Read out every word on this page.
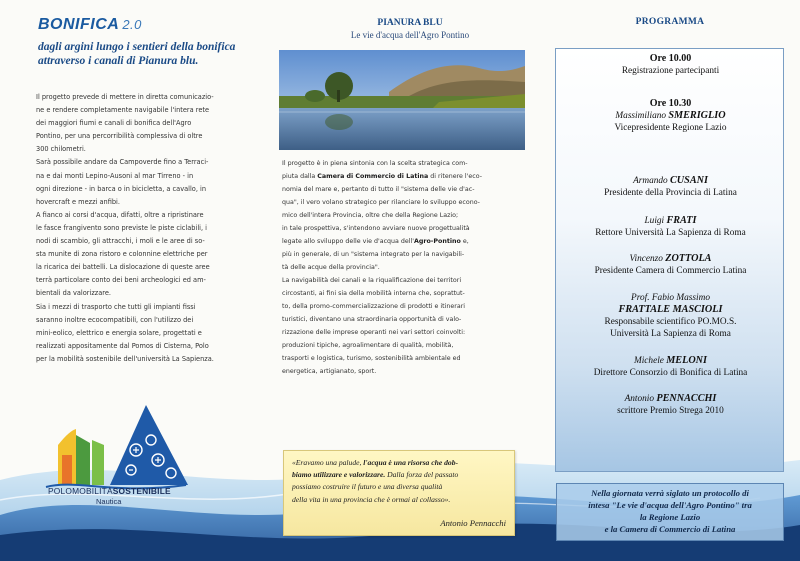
BONIFICA 2.0
dagli argini lungo i sentieri della bonifica
attraverso i canali di Pianura blu.

Il progetto prevede di mettere in diretta comunicazio-

ne e rendere completamente navigabile l'intera rete

dei maggiori fiumi e canali di bonifica dell'Agro

Pontino, per una percorribilità complessiva di oltre

300 chilometri.

Sarà possibile andare da Campoverde fino a Terraci-

na e dai monti Lepino-Ausoni al mar Tirreno - in

ogni direzione - in barca o in bicicletta, a cavallo, in

hovercraft e mezzi anfibi.

A fianco ai corsi d'acqua, difatti, oltre a ripristinare

le fasce frangivento sono previste le piste ciclabili, i

nodi di scambio, gli attracchi, i moli e le aree di so-

sta munite di zona ristoro e colonnine elettriche per

la ricarica dei battelli. La dislocazione di queste aree

terrà particolare conto dei beni archeologici ed am-

bientali da valorizzare.

Sia i mezzi di trasporto che tutti gli impianti fissi

saranno inoltre ecocompatibili, con l'utilizzo dei

mini-eolico, elettrico e energia solare, progettati e

realizzati appositamente dal Pomos di Cisterna, Polo

per la mobilità sostenibile dell'università La Sapienza.

POLOMOBILITÀSOSTENIBILE
Nautica
PIANURA BLU
Le vie d'acqua dell'Agro Pontino
Il progetto è in piena sintonia con la scelta strategica com-
piuta dalla Camera di Commercio di Latina di ritenere l'eco-
nomia del mare e, pertanto di tutto il "sistema delle vie d'ac-
qua", il vero volano strategico per rilanciare lo sviluppo econo-
mico dell'intera Provincia, oltre che della Regione Lazio;
in tale prospettiva, s'intendono avviare nuove progettualità
legate allo sviluppo delle vie d'acqua dell'Agro-Pontino e,
più in generale, di un "sistema integrato per la navigabili-
tà delle acque della provincia".
La navigabilità dei canali e la riqualificazione dei territori
circostanti, ai fini sia della mobilità interna che, soprattut-
to, della promo-commercializzazione di prodotti e itinerari
turistici, diventano una straordinaria opportunità di valo-
rizzazione delle imprese operanti nei vari settori coinvolti:
produzioni tipiche, agroalimentare di qualità, mobilità,
trasporti e logistica, turismo, sostenibilità ambientale ed
energetica, artigianato, sport.
«Eravamo una palude, l'acqua è una risorsa che dob-
biamo utilizzare e valorizzare. Dalla forza del passato
possiamo costruire il futuro e una diversa qualità
della vita in una provincia che è ormai al collasso».
Antonio Pennacchi
PROGRAMMA
Ore 10.00
Registrazione partecipanti
Ore 10.30
Massimiliano SMERIGLIO
Vicepresidente Regione Lazio
Armando CUSANI
Presidente della Provincia di Latina
Luigi FRATI
Rettore Università La Sapienza di Roma
Vincenzo ZOTTOLA
Presidente Camera di Commercio Latina
Prof. Fabio Massimo
FRATTALE MASCIOLI
Responsabile scientifico PO.MO.S.
Università La Sapienza di Roma
Michele MELONI
Direttore Consorzio di Bonifica di Latina
Antonio PENNACCHI
scrittore Premio Strega 2010
Nella giornata verrà siglato un protocollo di
intesa "Le vie d'acqua dell'Agro Pontino" tra
la Regione Lazio
e la Camera di Commercio di Latina
